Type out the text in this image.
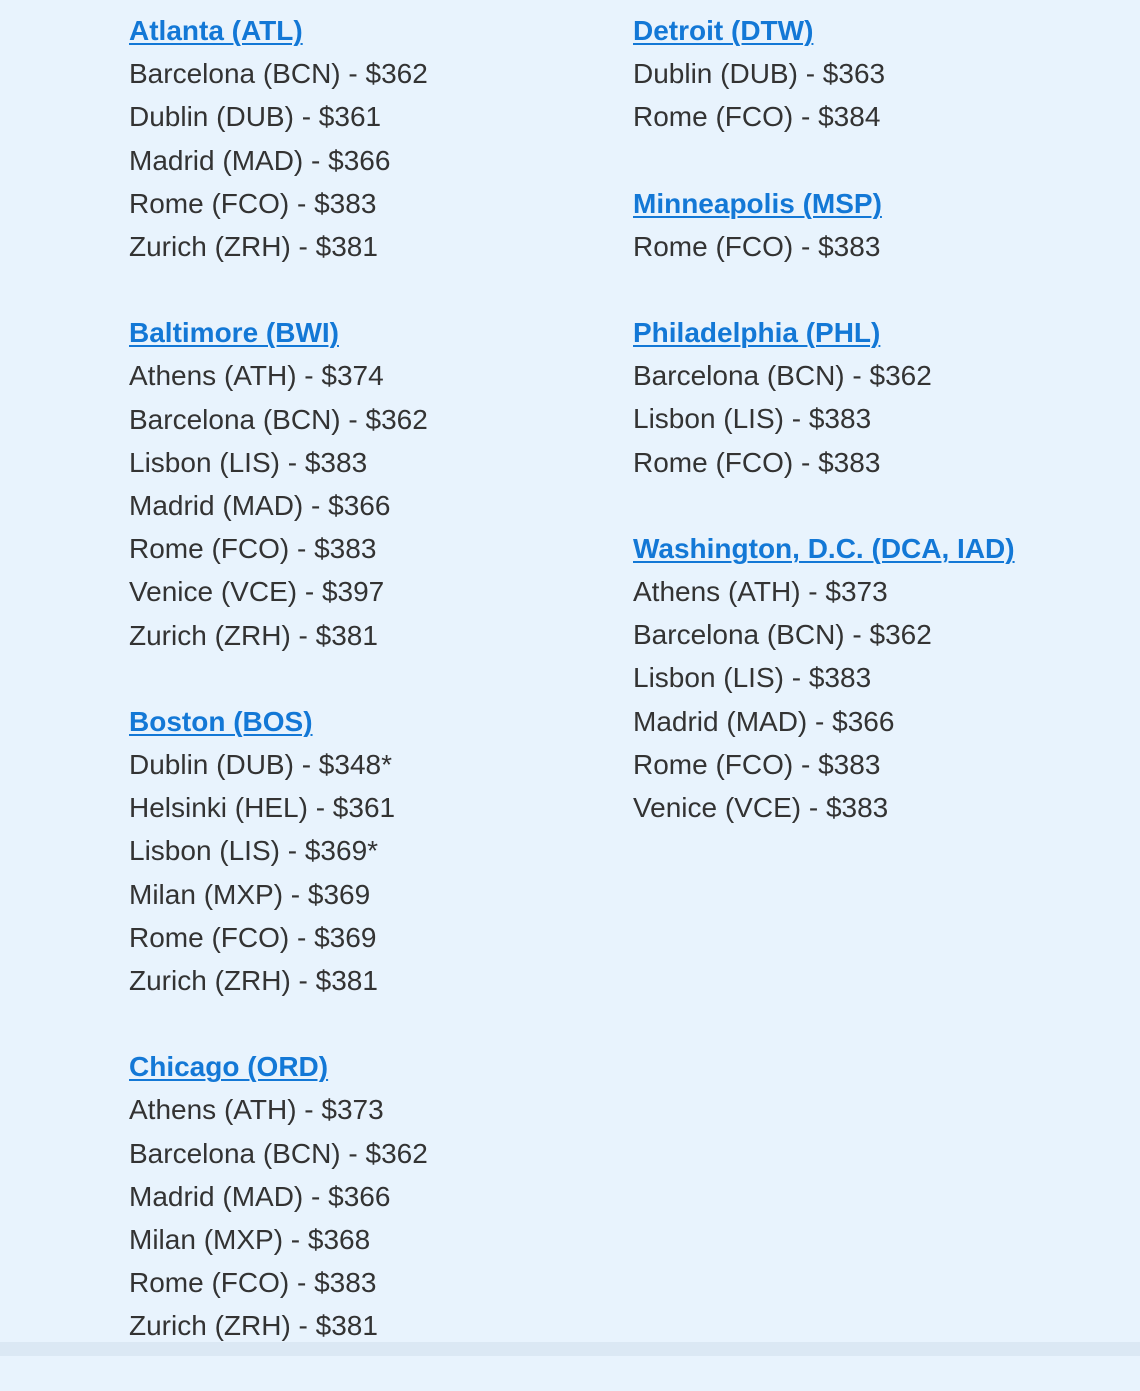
Atlanta (ATL)
Barcelona (BCN) - $362
Dublin (DUB) - $361
Madrid (MAD) - $366
Rome (FCO) - $383
Zurich (ZRH) - $381
Baltimore (BWI)
Athens (ATH) - $374
Barcelona (BCN) - $362
Lisbon (LIS) - $383
Madrid (MAD) - $366
Rome (FCO) - $383
Venice (VCE) - $397
Zurich (ZRH) - $381
Boston (BOS)
Dublin (DUB) - $348*
Helsinki (HEL) - $361
Lisbon (LIS) - $369*
Milan (MXP) - $369
Rome (FCO) - $369
Zurich (ZRH) - $381
Chicago (ORD)
Athens (ATH) - $373
Barcelona (BCN) - $362
Madrid (MAD) - $366
Milan (MXP) - $368
Rome (FCO) - $383
Zurich (ZRH) - $381
Detroit (DTW)
Dublin (DUB) - $363
Rome (FCO) - $384
Minneapolis (MSP)
Rome (FCO) - $383
Philadelphia (PHL)
Barcelona (BCN) - $362
Lisbon (LIS) - $383
Rome (FCO) - $383
Washington, D.C. (DCA, IAD)
Athens (ATH) - $373
Barcelona (BCN) - $362
Lisbon (LIS) - $383
Madrid (MAD) - $366
Rome (FCO) - $383
Venice (VCE) - $383
